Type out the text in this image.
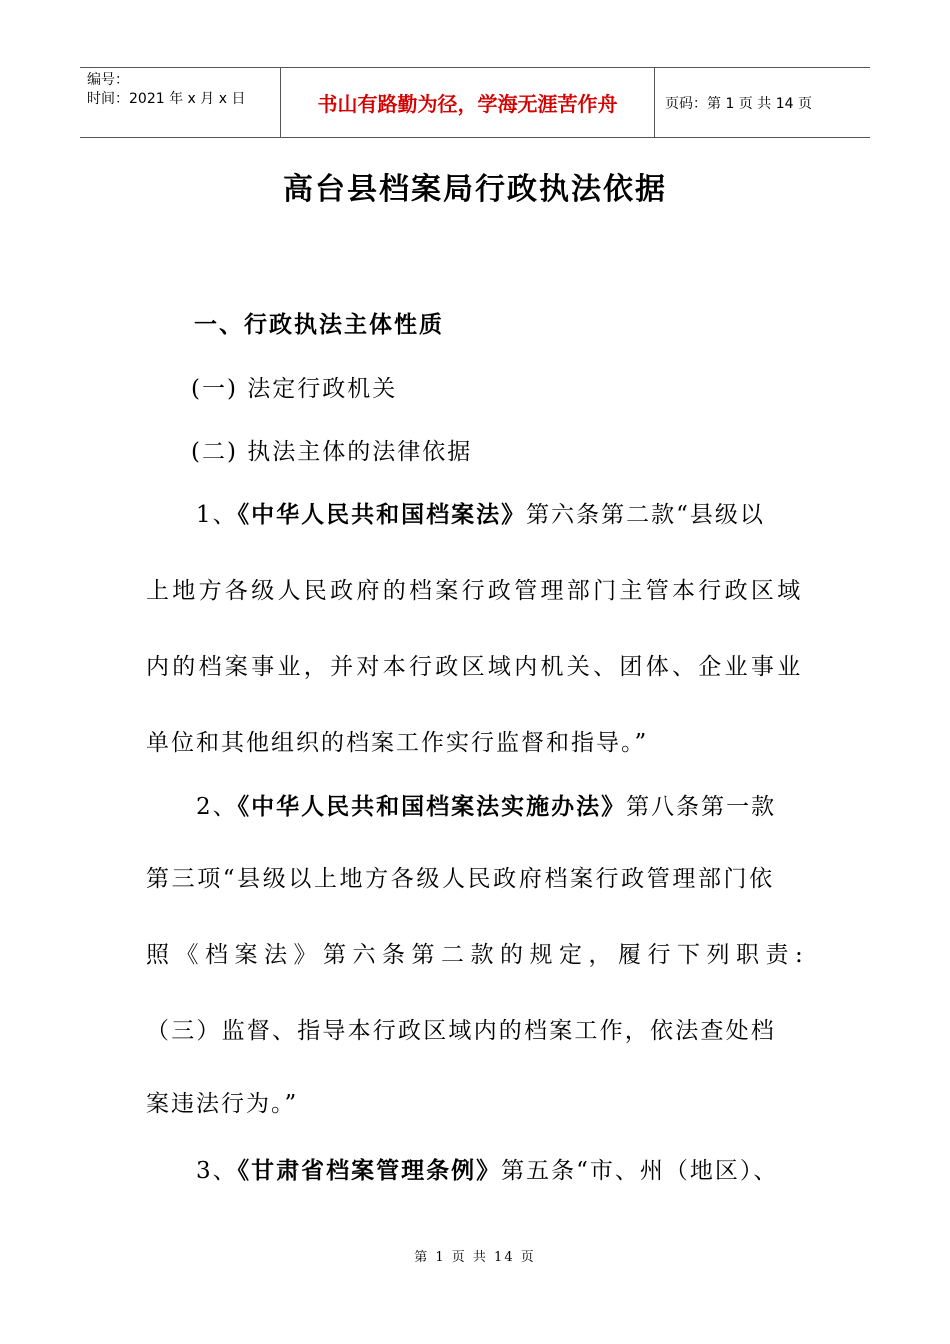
编号：
时间：2021 年 x 月 x 日	书山有路勤为径，学海无涯苦作舟	页码：第 1 页 共 14 页
高台县档案局行政执法依据
一、行政执法主体性质
(一) 法定行政机关
(二) 执法主体的法律依据
1、《中华人民共和国档案法》第六条第二款“县级以
上地方各级人民政府的档案行政管理部门主管本行政区域
内的档案事业，并对本行政区域内机关、团体、企业事业
单位和其他组织的档案工作实行监督和指导。”
2、《中华人民共和国档案法实施办法》第八条第一款
第三项“县级以上地方各级人民政府档案行政管理部门依
照《档案法》第六条第二款的规定，履行下列职责:
（三）监督、指导本行政区域内的档案工作，依法查处档
案违法行为。”
3、《甘肃省档案管理条例》第五条“市、州（地区）、
第 1 页 共 14 页
